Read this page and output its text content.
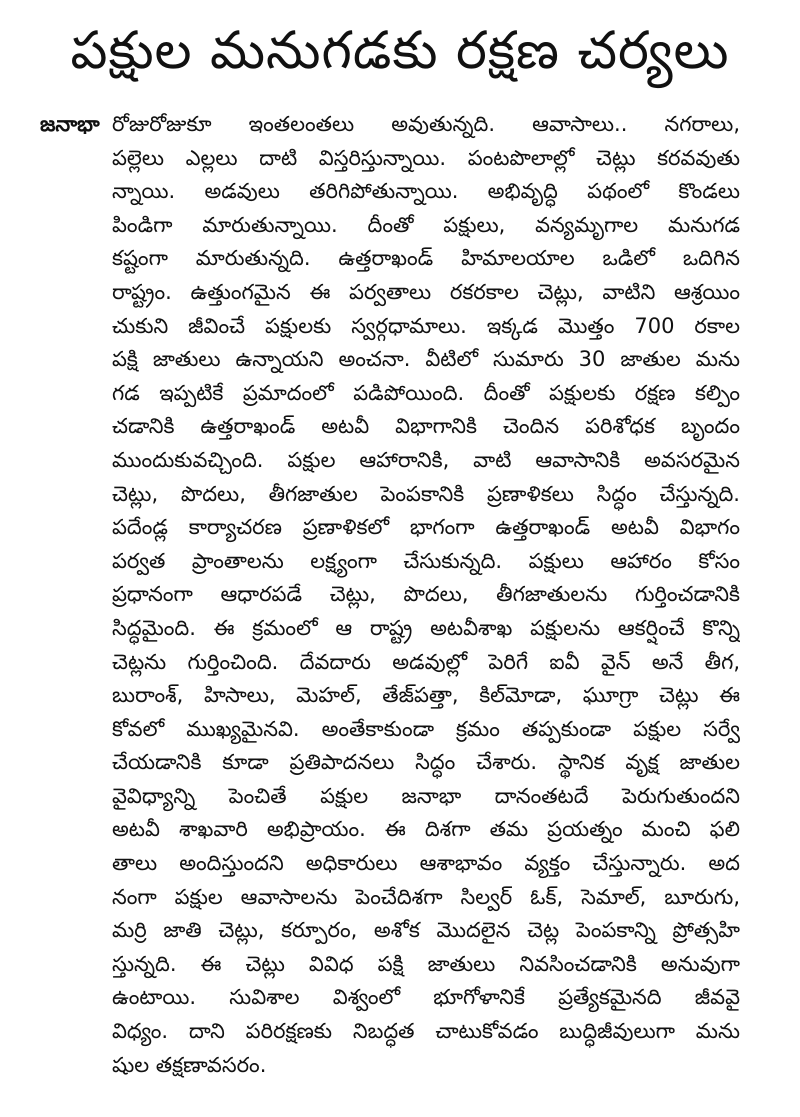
పక్షుల మనుగడకు రక్షణ చర్యలు
జనాభా రోజురోజుకూ ఇంతలంతలు అవుతున్నది. ఆవాసాలు.. నగరాలు,
పల్లెలు ఎల్లలు దాటి విస్తరిస్తున్నాయి. పంటపొలాల్లో చెట్లు కరవవుతు
న్నాయి. అడవులు తరిగిపోతున్నాయి. అభివృద్ధి పథంలో కొండలు
పిండిగా మారుతున్నాయి. దీంతో పక్షులు, వన్యమృగాల మనుగడ
కష్టంగా మారుతున్నది. ఉత్తరాఖండ్ హిమాలయాల ఒడిలో ఒదిగిన
రాష్ట్రం. ఉత్తుంగమైన ఈ పర్వతాలు రకరకాల చెట్లు, వాటిని ఆశ్రయిం
చుకుని జీవించే పక్షులకు స్వర్గధామాలు. ఇక్కడ మొత్తం 700 రకాల
పక్షి జాతులు ఉన్నాయని అంచనా. వీటిలో సుమారు 30 జాతుల మను
గడ ఇప్పటికే ప్రమాదంలో పడిపోయింది. దీంతో పక్షులకు రక్షణ కల్పిం
చడానికి ఉత్తరాఖండ్ అటవీ విభాగానికి చెందిన పరిశోధక బృందం
ముందుకువచ్చింది. పక్షుల ఆహారానికి, వాటి ఆవాసానికి అవసరమైన
చెట్లు, పొదలు, తీగజాతుల పెంపకానికి ప్రణాళికలు సిద్ధం చేస్తున్నది.
పదేండ్ల కార్యాచరణ ప్రణాళికలో భాగంగా ఉత్తరాఖండ్ అటవీ విభాగం
పర్వత ప్రాంతాలను లక్ష్యంగా చేసుకున్నది. పక్షులు ఆహారం కోసం
ప్రధానంగా ఆధారపడే చెట్లు, పొదలు, తీగజాతులను గుర్తించడానికి
సిద్ధమైంది. ఈ క్రమంలో ఆ రాష్ట్ర అటవీశాఖ పక్షులను ఆకర్షించే కొన్ని
చెట్లను గుర్తించింది. దేవదారు అడవుల్లో పెరిగే ఐవీ వైన్ అనే తీగ,
బురాంశ్, హిసాలు, మెహల్, తేజ్‌పత్తా, కిల్‌మోడా, ఘూగ్రా చెట్లు ఈ
కోవలో ముఖ్యమైనవి. అంతేకాకుండా క్రమం తప్పకుండా పక్షుల సర్వే
చేయడానికి కూడా ప్రతిపాదనలు సిద్ధం చేశారు. స్థానిక వృక్ష జాతుల
వైవిధ్యాన్ని పెంచితే పక్షుల జనాభా దానంతటదే పెరుగుతుందని
అటవీ శాఖవారి అభిప్రాయం. ఈ దిశగా తమ ప్రయత్నం మంచి ఫలి
తాలు అందిస్తుందని అధికారులు ఆశాభావం వ్యక్తం చేస్తున్నారు. అద
నంగా పక్షుల ఆవాసాలను పెంచేదిశగా సిల్వర్ ఓక్, సెమాల్, బూరుగు,
మర్రి జాతి చెట్లు, కర్పూరం, అశోక మొదలైన చెట్ల పెంపకాన్ని ప్రోత్సహి
స్తున్నది. ఈ చెట్లు వివిధ పక్షి జాతులు నివసించడానికి అనువుగా
ఉంటాయి. సువిశాల విశ్వంలో భూగోళానికే ప్రత్యేకమైనది జీవవై
విధ్యం. దాని పరిరక్షణకు నిబద్ధత చాటుకోవడం బుద్ధిజీవులుగా మను
షుల తక్షణావసరం.
